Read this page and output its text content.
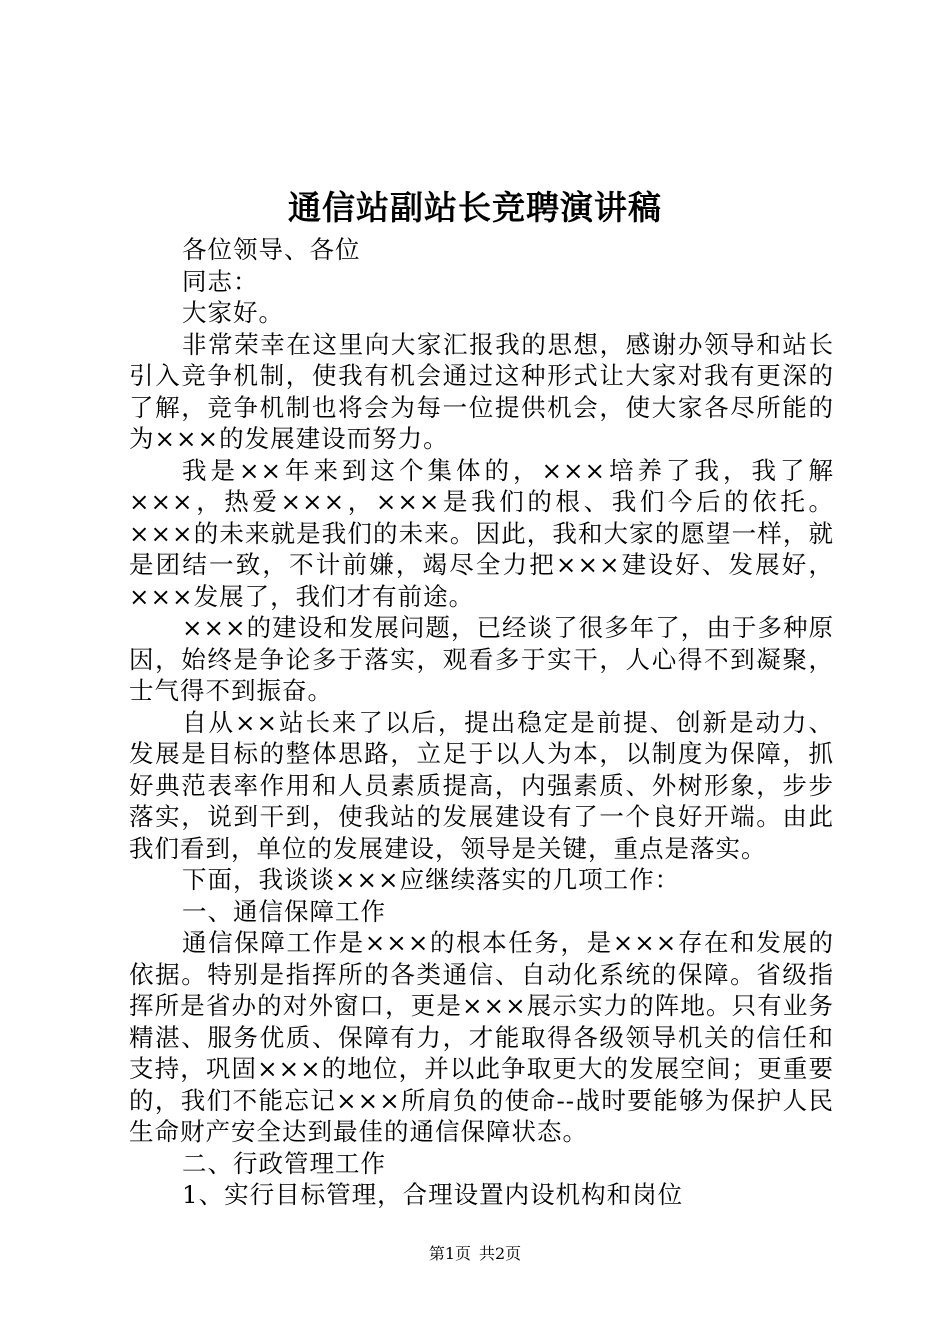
通信站副站长竞聘演讲稿

各位领导、各位

同志：

大家好。

非常荣幸在这里向大家汇报我的思想，感谢办领导和站长引入竞争机制，使我有机会通过这种形式让大家对我有更深的了解，竞争机制也将会为每一位提供机会，使大家各尽所能的为×××的发展建设而努力。

我是××年来到这个集体的，×××培养了我，我了解×××，热爱×××，×××是我们的根、我们今后的依托。×××的未来就是我们的未来。因此，我和大家的愿望一样，就是团结一致，不计前嫌，竭尽全力把×××建设好、发展好，×××发展了，我们才有前途。

×××的建设和发展问题，已经谈了很多年了，由于多种原因，始终是争论多于落实，观看多于实干，人心得不到凝聚，士气得不到振奋。

自从××站长来了以后，提出稳定是前提、创新是动力、发展是目标的整体思路，立足于以人为本，以制度为保障，抓好典范表率作用和人员素质提高，内强素质、外树形象，步步落实，说到干到，使我站的发展建设有了一个良好开端。由此我们看到，单位的发展建设，领导是关键，重点是落实。

下面，我谈谈×××应继续落实的几项工作：

一、通信保障工作

通信保障工作是×××的根本任务，是×××存在和发展的依据。特别是指挥所的各类通信、自动化系统的保障。省级指挥所是省办的对外窗口，更是×××展示实力的阵地。只有业务精湛、服务优质、保障有力，才能取得各级领导机关的信任和支持，巩固×××的地位，并以此争取更大的发展空间；更重要的，我们不能忘记×××所肩负的使命--战时要能够为保护人民生命财产安全达到最佳的通信保障状态。

二、行政管理工作

1、实行目标管理，合理设置内设机构和岗位

第1页 共2页
